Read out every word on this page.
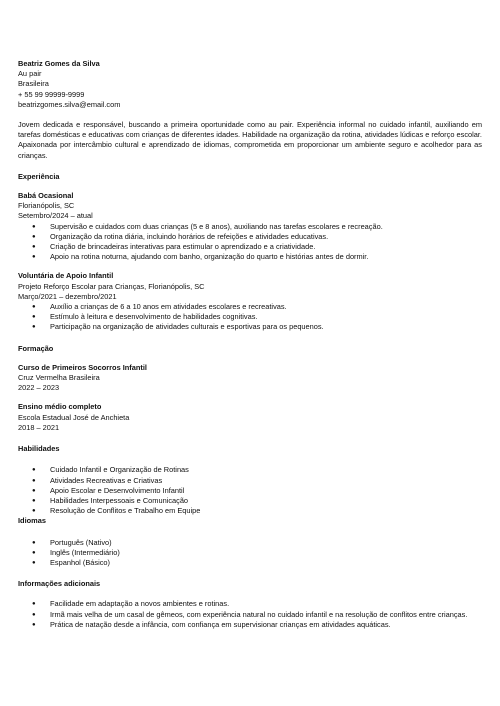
Beatriz Gomes da Silva
Au pair
Brasileira
+ 55 99 99999-9999
beatrizgomes.silva@email.com
Jovem dedicada e responsável, buscando a primeira oportunidade como au pair. Experiência informal no cuidado infantil, auxiliando em tarefas domésticas e educativas com crianças de diferentes idades. Habilidade na organização da rotina, atividades lúdicas e reforço escolar. Apaixonada por intercâmbio cultural e aprendizado de idiomas, comprometida em proporcionar um ambiente seguro e acolhedor para as crianças.
Experiência
Babá Ocasional
Florianópolis, SC
Setembro/2024 – atual
● Supervisão e cuidados com duas crianças (5 e 8 anos), auxiliando nas tarefas escolares e recreação.
● Organização da rotina diária, incluindo horários de refeições e atividades educativas.
● Criação de brincadeiras interativas para estimular o aprendizado e a criatividade.
● Apoio na rotina noturna, ajudando com banho, organização do quarto e histórias antes de dormir.
Voluntária de Apoio Infantil
Projeto Reforço Escolar para Crianças, Florianópolis, SC
Março/2021 – dezembro/2021
● Auxílio a crianças de 6 a 10 anos em atividades escolares e recreativas.
● Estímulo à leitura e desenvolvimento de habilidades cognitivas.
● Participação na organização de atividades culturais e esportivas para os pequenos.
Formação
Curso de Primeiros Socorros Infantil
Cruz Vermelha Brasileira
2022 – 2023
Ensino médio completo
Escola Estadual José de Anchieta
2018 – 2021
Habilidades
● Cuidado Infantil e Organização de Rotinas
● Atividades Recreativas e Criativas
● Apoio Escolar e Desenvolvimento Infantil
● Habilidades Interpessoais e Comunicação
● Resolução de Conflitos e Trabalho em Equipe
Idiomas
● Português (Nativo)
● Inglês (Intermediário)
● Espanhol (Básico)
Informações adicionais
● Facilidade em adaptação a novos ambientes e rotinas.
● Irmã mais velha de um casal de gêmeos, com experiência natural no cuidado infantil e na resolução de conflitos entre crianças.
● Prática de natação desde a infância, com confiança em supervisionar crianças em atividades aquáticas.
